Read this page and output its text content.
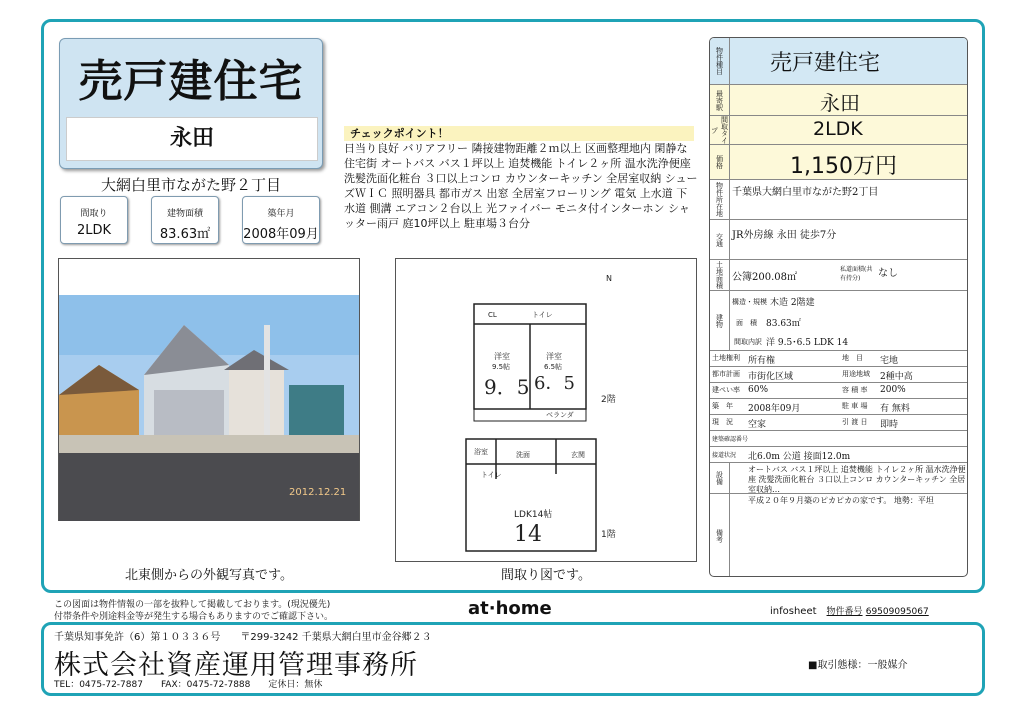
売戸建住宅
永田
大網白里市ながた野２丁目
間取り
2LDK
建物面積
83.63㎡
築年月
2008年09月
チェックポイント！
日当り良好 バリアフリー 隣接建物距離２ｍ以上 区画整理地内 閑静な住宅街 オートバス バス１坪以上 追焚機能 トイレ２ヶ所 温水洗浄便座 洗髪洗面化粧台 ３口以上コンロ カウンターキッチン 全居室収納 シューズＷＩＣ 照明器具 都市ガス 出窓 全居室フローリング 電気 上水道 下水道 側溝 エアコン２台以上 光ファイバー モニタ付インターホン シャッター雨戸 庭10坪以上 駐車場３台分
2012.12.21
北東側からの外観写真です。
洋室
9.5帖
9．5
洋室
6.5帖
6．5
ベランダ
2階
CL	トイレ
浴室	洗面	玄関
トイレ
LDK14帖
14	1階
N
間取り図です。
物件種目 売戸建住宅
最寄駅	永田
間取タイプ	2LDK
価格	1,150万円
物件所在地 千葉県大網白里市ながた野2丁目
交通 JR外房線 永田 徒歩7分
土地面積 公簿200.08㎡
私道面積(共有持分)	なし
建物
構造・規模 木造 2階建
面　積 83.63㎡
間取内訳 洋 9.5･6.5 LDK 14
土地権利 所有権	地　目 宅地
都市計画 市街化区域	用途地域 2種中高
建ぺい率 60%	容 積 率 200%
築　年 2008年09月	駐 車 場 有 無料
現　況 空家	引 渡 日 即時
建築確認番号
接道状況 北6.0m 公道 接面12.0m
設備
オートバス バス１坪以上 追焚機能 トイレ２ヶ所 温水洗浄便座 洗髪洗面化粧台 ３口以上コンロ カウンターキッチン 全居室収納…
備考
平成２０年９月築のピカピカの家です。 地勢：平坦
この図面は物件情報の一部を抜粋して掲載しております。(現況優先)
付帯条件や別途料金等が発生する場合もありますのでご確認下さい。	at·home	infosheet　 物件番号 69509095067
千葉県知事免許（6）第１０３３６号　　〒299-3242 千葉県大網白里市金谷郷２３
株式会社資産運用管理事務所
TEL：0475-72-7887　　FAX：0475-72-7888　　定休日：無休
■取引態様：一般媒介
